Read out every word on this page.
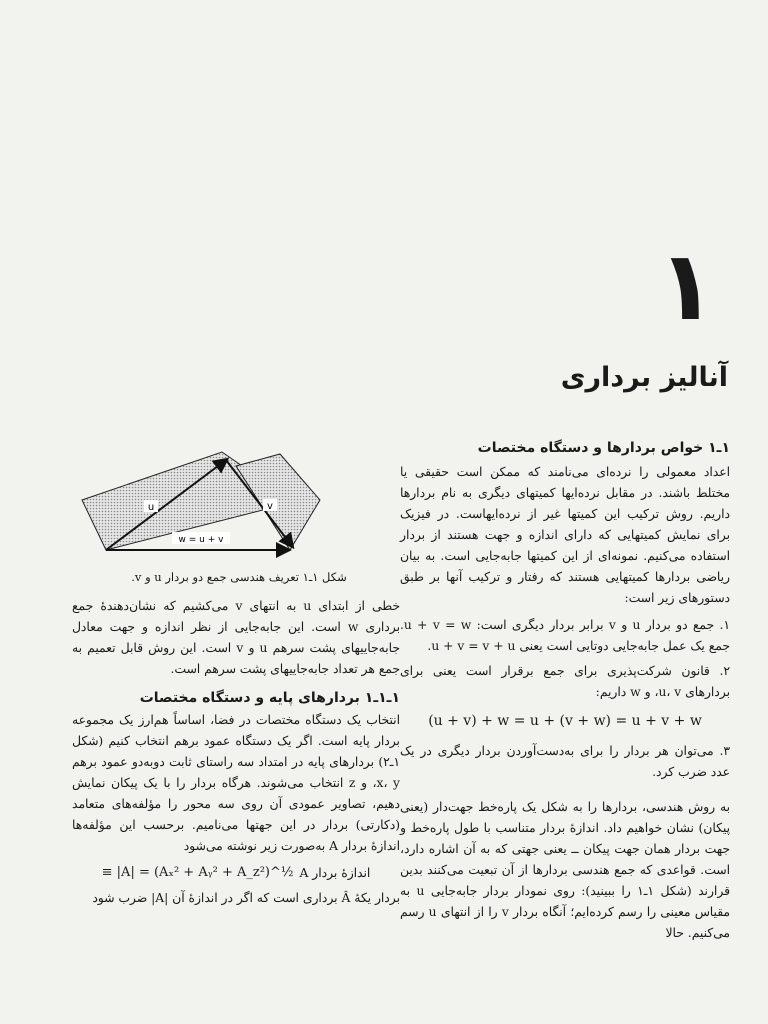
۱
آنالیز برداری
۱ـ۱ خواص بردارها و دستگاه مختصات

اعداد معمولی را نرده‌ای می‌نامند که ممکن است حقیقی یا مختلط باشند. در مقابل نرده‌ایها کمیتهای دیگری به نام بردارها داریم. روش ترکیب این کمیتها غیر از نرده‌ایهاست. در فیزیک برای نمایش کمیتهایی که دارای اندازه و جهت هستند از بردار استفاده می‌کنیم. نمونه‌ای از این کمیتها جابه‌جایی است. به بیان ریاضی بردارها کمیتهایی هستند که رفتار و ترکیب آنها بر طبق دستورهای زیر است:

۱. جمع دو بردار u و v برابر بردار دیگری است: u + v = w. جمع یک عمل جابه‌جایی دوتایی است یعنی u + v = v + u.
۲. قانون شرکت‌پذیری برای جمع برقرار است یعنی برای بردارهای u، v، و w داریم:
(u + v) + w = u + (v + w) = u + v + w
۳. می‌توان هر بردار را برای به‌دست‌آوردن بردار دیگری در یک عدد ضرب کرد.

به روش هندسی، بردارها را به شکل یک پاره‌خط جهت‌دار (یعنی پیکان) نشان خواهیم داد. اندازهٔ بردار متناسب با طول پاره‌خط و جهت بردار همان جهت پیکان ــ یعنی جهتی که به آن اشاره دارد، است. قواعدی که جمع هندسی بردارها از آن تبعیت می‌کنند بدین قرارند (شکل ۱ـ۱ را ببینید): روی نمودار بردار جابه‌جایی u به مقیاس معینی را رسم کرده‌ایم؛ آنگاه بردار v را از انتهای u رسم می‌کنیم. حالا

u	v
w = u + v
شکل ۱ـ۱ تعریف هندسی جمع دو بردار u و v.

خطی از ابتدای u به انتهای v می‌کشیم که نشان‌دهندهٔ جمع برداری w است. این جابه‌جایی از نظر اندازه و جهت معادل جابه‌جاییهای پشت سرهم u و v است. این روش قابل تعمیم به جمع هر تعداد جابه‌جاییهای پشت سرهم است.

۱ـ۱ـ۱ بردارهای پایه و دستگاه مختصات

انتخاب یک دستگاه مختصات در فضا، اساساً هم‌ارز یک مجموعه بردار پایه است. اگر یک دستگاه عمود برهم انتخاب کنیم (شکل ۱ـ۲) بردارهای پایه در امتداد سه راستای ثابت دوبه‌دو عمود برهم x، y، و z انتخاب می‌شوند. هرگاه بردار را با یک پیکان نمایش دهیم، تصاویر عمودی آن روی سه محور را مؤلفه‌های متعامد (دکارتی) بردار در این جهتها می‌نامیم. برحسب این مؤلفه‌ها اندازهٔ بردار A به‌صورت زیر نوشته می‌شود

اندازهٔ بردار A
≡ |A| = (Aₓ² + Aᵧ² + A_z²)^½

بردار یکهٔ Â برداری است که اگر در اندازهٔ آن |A| ضرب شود
